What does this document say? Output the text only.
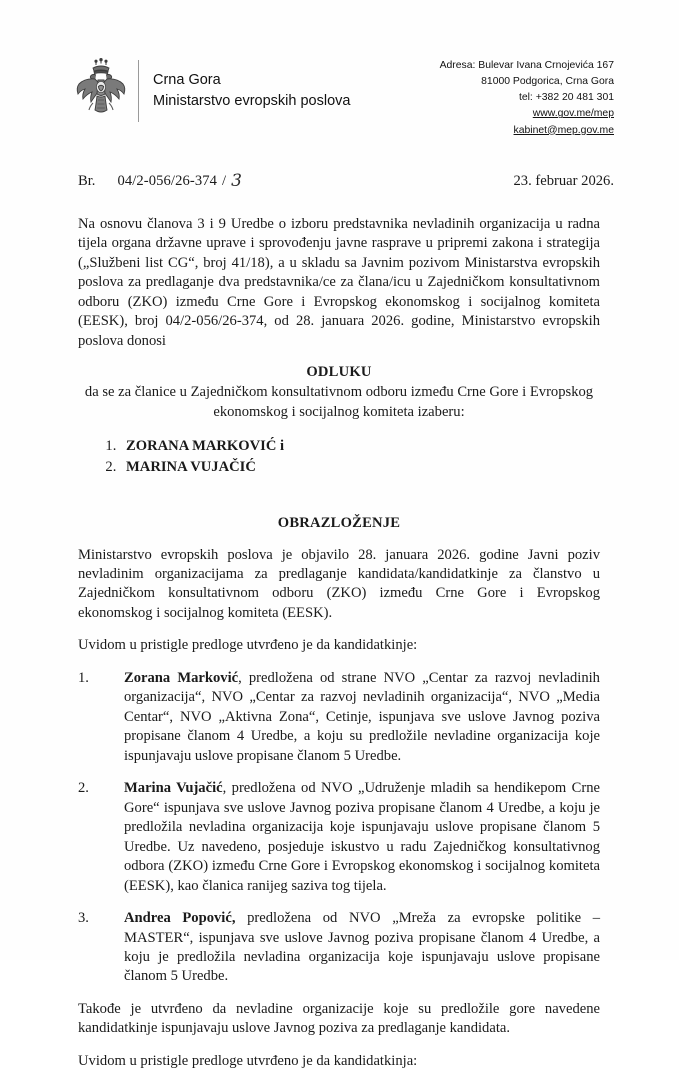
Crna Gora
Ministarstvo evropskih poslova
Adresa: Bulevar Ivana Crnojevića 167
81000 Podgorica, Crna Gora
tel: +382 20 481 301
www.gov.me/mep
kabinet@mep.gov.me
Br. 04/2-056/26-374 / 3	23. februar 2026.

Na osnovu članova 3 i 9 Uredbe o izboru predstavnika nevladinih organizacija u radna tijela organa državne uprave i sprovođenju javne rasprave u pripremi zakona i strategija („Službeni list CG“, broj 41/18), a u skladu sa Javnim pozivom Ministarstva evropskih poslova za predlaganje dva predstavnika/ce za člana/icu u Zajedničkom konsultativnom odboru (ZKO) između Crne Gore i Evropskog ekonomskog i socijalnog komiteta (EESK), broj 04/2-056/26-374, od 28. januara 2026. godine, Ministarstvo evropskih poslova donosi

ODLUKU

da se za članice u Zajedničkom konsultativnom odboru između Crne Gore i Evropskog ekonomskog i socijalnog komiteta izaberu:

1. ZORANA MARKOVIĆ i
2. MARINA VUJAČIĆ
OBRAZLOŽENJE

Ministarstvo evropskih poslova je objavilo 28. januara 2026. godine Javni poziv nevladinim organizacijama za predlaganje kandidata/kandidatkinje za članstvo u Zajedničkom konsultativnom odboru (ZKO) između Crne Gore i Evropskog ekonomskog i socijalnog komiteta (EESK).

Uvidom u pristigle predloge utvrđeno je da kandidatkinje:

1.	Zorana Marković, predložena od strane NVO „Centar za razvoj nevladinih organizacija“, NVO „Centar za razvoj nevladinih organizacija“, NVO „Media Centar“, NVO „Aktivna Zona“, Cetinje, ispunjava sve uslove Javnog poziva propisane članom 4 Uredbe, a koju su predložile nevladine organizacija koje ispunjavaju uslove propisane članom 5 Uredbe.
2.	Marina Vujačić, predložena od NVO „Udruženje mladih sa hendikepom Crne Gore“ ispunjava sve uslove Javnog poziva propisane članom 4 Uredbe, a koju je predložila nevladina organizacija koje ispunjavaju uslove propisane članom 5 Uredbe. Uz navedeno, posjeduje iskustvo u radu Zajedničkog konsultativnog odbora (ZKO) između Crne Gore i Evropskog ekonomskog i socijalnog komiteta (EESK), kao članica ranijeg saziva tog tijela.
3.	Andrea Popović, predložena od NVO „Mreža za evropske politike – MASTER“, ispunjava sve uslove Javnog poziva propisane članom 4 Uredbe, a koju je predložila nevladina organizacija koje ispunjavaju uslove propisane članom 5 Uredbe.

Takođe je utvrđeno da nevladine organizacije koje su predložile gore navedene kandidatkinje ispunjavaju uslove Javnog poziva za predlaganje kandidata.

Uvidom u pristigle predloge utvrđeno je da kandidatkinja:
